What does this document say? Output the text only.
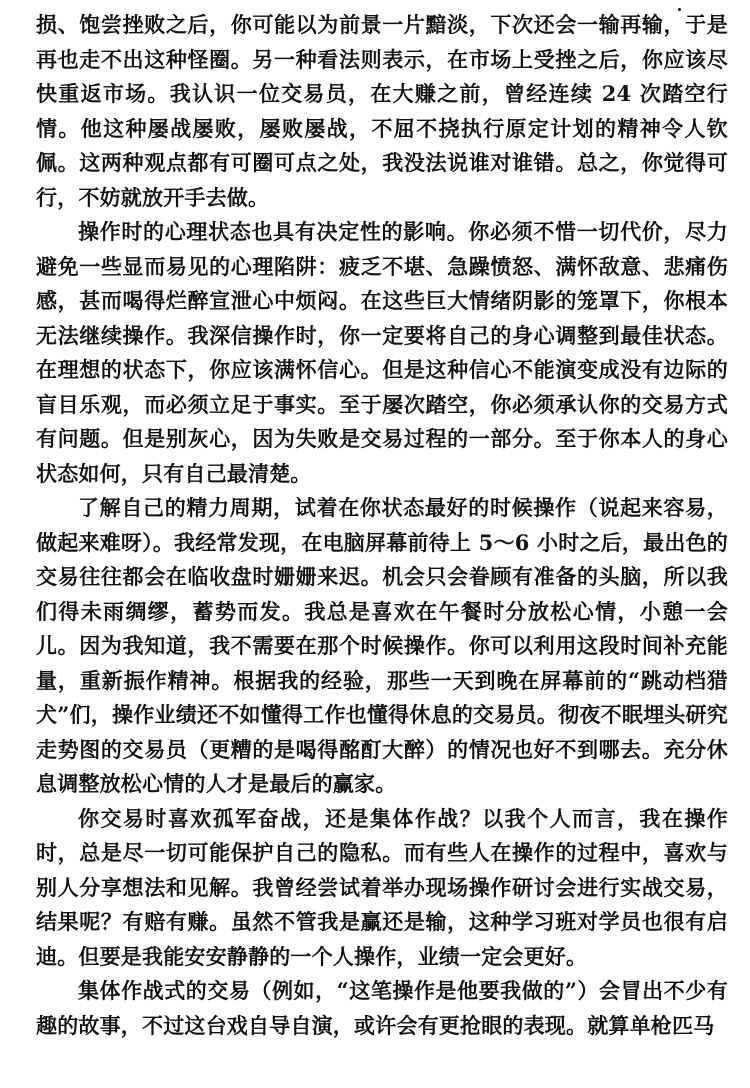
损、饱尝挫败之后，你可能以为前景一片黯淡，下次还会一输再输，于是再也走不出这种怪圈。另一种看法则表示，在市场上受挫之后，你应该尽快重返市场。我认识一位交易员，在大赚之前，曾经连续 24 次踏空行情。他这种屡战屡败，屡败屡战，不屈不挠执行原定计划的精神令人钦佩。这两种观点都有可圈可点之处，我没法说谁对谁错。总之，你觉得可行，不妨就放开手去做。

操作时的心理状态也具有决定性的影响。你必须不惜一切代价，尽力避免一些显而易见的心理陷阱：疲乏不堪、急躁愤怒、满怀敌意、悲痛伤感，甚而喝得烂醉宣泄心中烦闷。在这些巨大情绪阴影的笼罩下，你根本无法继续操作。我深信操作时，你一定要将自己的身心调整到最佳状态。在理想的状态下，你应该满怀信心。但是这种信心不能演变成没有边际的盲目乐观，而必须立足于事实。至于屡次踏空，你必须承认你的交易方式有问题。但是别灰心，因为失败是交易过程的一部分。至于你本人的身心状态如何，只有自己最清楚。

了解自己的精力周期，试着在你状态最好的时候操作（说起来容易，做起来难呀）。我经常发现，在电脑屏幕前待上 5～6 小时之后，最出色的交易往往都会在临收盘时姗姗来迟。机会只会眷顾有准备的头脑，所以我们得未雨绸缪，蓄势而发。我总是喜欢在午餐时分放松心情，小憩一会儿。因为我知道，我不需要在那个时候操作。你可以利用这段时间补充能量，重新振作精神。根据我的经验，那些一天到晚在屏幕前的“跳动档猎犬”们，操作业绩还不如懂得工作也懂得休息的交易员。彻夜不眠埋头研究走势图的交易员（更糟的是喝得酩酊大醉）的情况也好不到哪去。充分休息调整放松心情的人才是最后的赢家。

你交易时喜欢孤军奋战，还是集体作战？以我个人而言，我在操作时，总是尽一切可能保护自己的隐私。而有些人在操作的过程中，喜欢与别人分享想法和见解。我曾经尝试着举办现场操作研讨会进行实战交易，结果呢？有赔有赚。虽然不管我是赢还是输，这种学习班对学员也很有启迪。但要是我能安安静静的一个人操作，业绩一定会更好。

集体作战式的交易（例如，“这笔操作是他要我做的”）会冒出不少有趣的故事，不过这台戏自导自演，或许会有更抢眼的表现。就算单枪匹马
